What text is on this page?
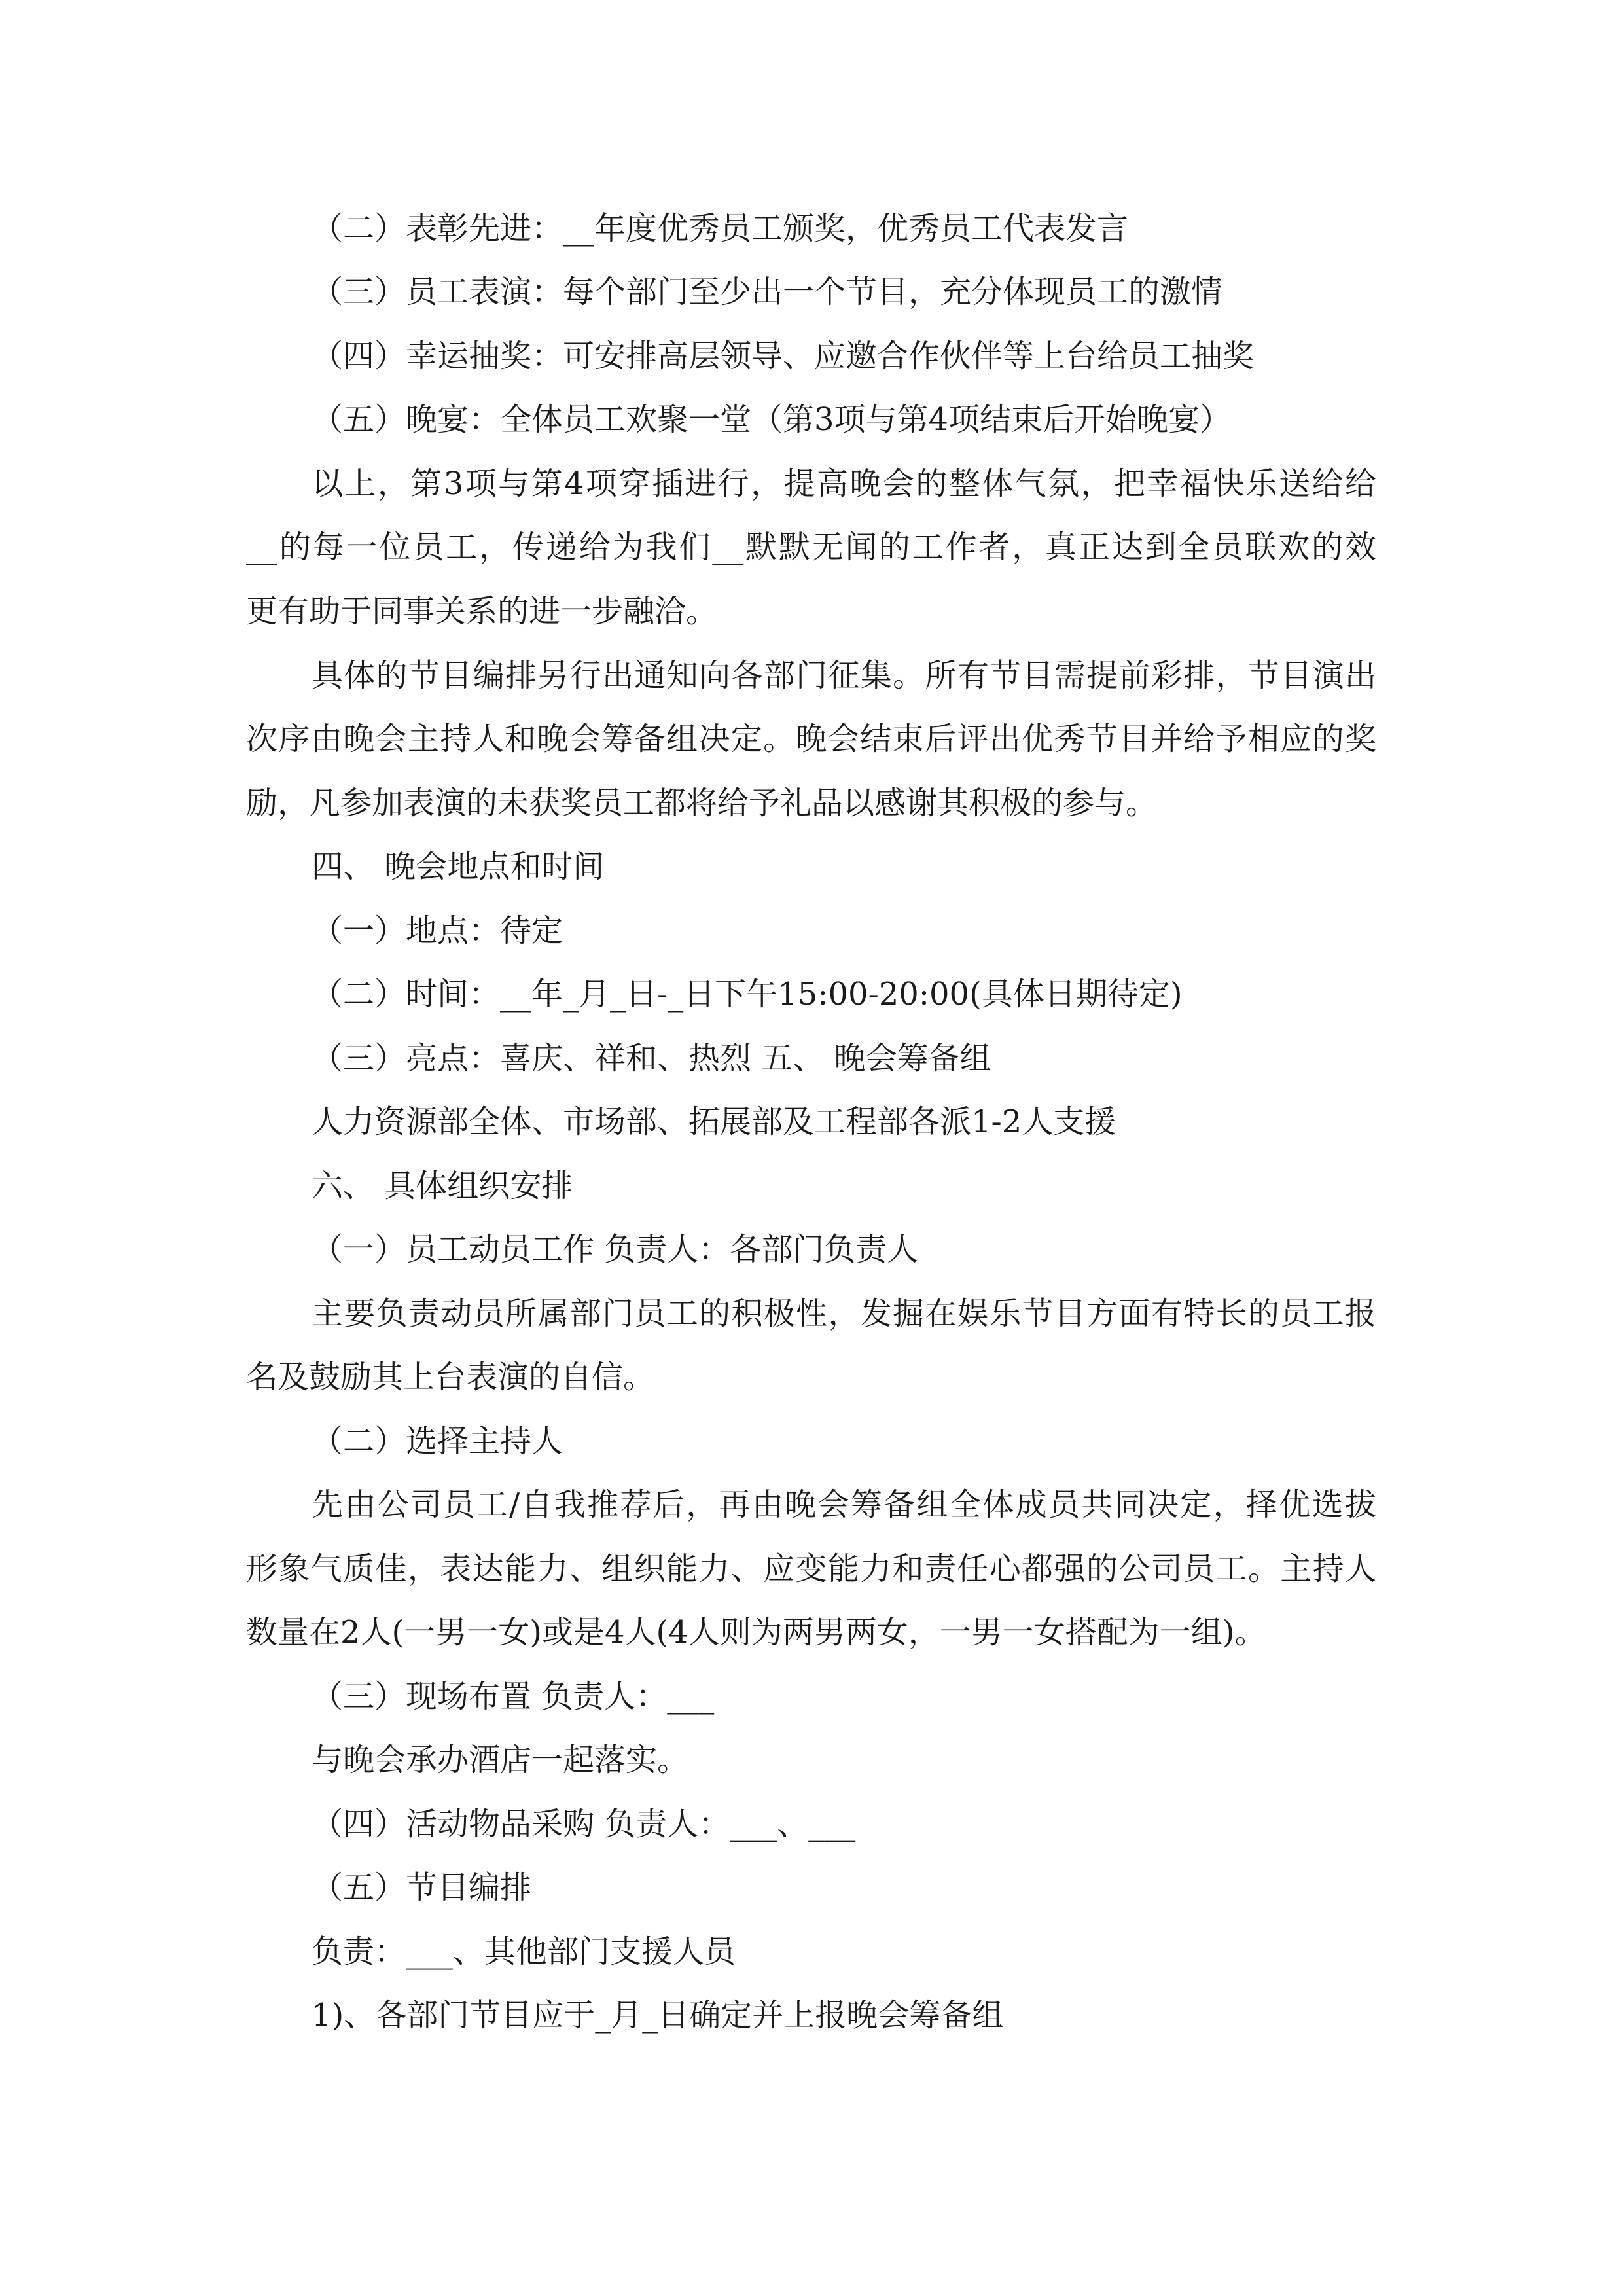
（二）表彰先进：__年度优秀员工颁奖，优秀员工代表发言
（三）员工表演：每个部门至少出一个节目，充分体现员工的激情
（四）幸运抽奖：可安排高层领导、应邀合作伙伴等上台给员工抽奖
（五）晚宴：全体员工欢聚一堂（第3项与第4项结束后开始晚宴）
以上，第3项与第4项穿插进行，提高晚会的整体气氛，把幸福快乐送给给
__的每一位员工，传递给为我们__默默无闻的工作者，真正达到全员联欢的效
更有助于同事关系的进一步融洽。
具体的节目编排另行出通知向各部门征集。所有节目需提前彩排，节目演出
次序由晚会主持人和晚会筹备组决定。晚会结束后评出优秀节目并给予相应的奖
励，凡参加表演的未获奖员工都将给予礼品以感谢其积极的参与。
四、 晚会地点和时间
（一）地点：待定
（二）时间：__年_月_日-_日下午15:00-20:00(具体日期待定)
（三）亮点：喜庆、祥和、热烈 五、 晚会筹备组
人力资源部全体、市场部、拓展部及工程部各派1-2人支援
六、 具体组织安排
（一）员工动员工作 负责人：各部门负责人
主要负责动员所属部门员工的积极性，发掘在娱乐节目方面有特长的员工报
名及鼓励其上台表演的自信。
（二）选择主持人
先由公司员工/自我推荐后，再由晚会筹备组全体成员共同决定，择优选拔
形象气质佳，表达能力、组织能力、应变能力和责任心都强的公司员工。主持人
数量在2人(一男一女)或是4人(4人则为两男两女，一男一女搭配为一组)。
（三）现场布置 负责人：___
与晚会承办酒店一起落实。
（四）活动物品采购 负责人：___、___
（五）节目编排
负责：___、其他部门支援人员
1)、各部门节目应于_月_日确定并上报晚会筹备组
